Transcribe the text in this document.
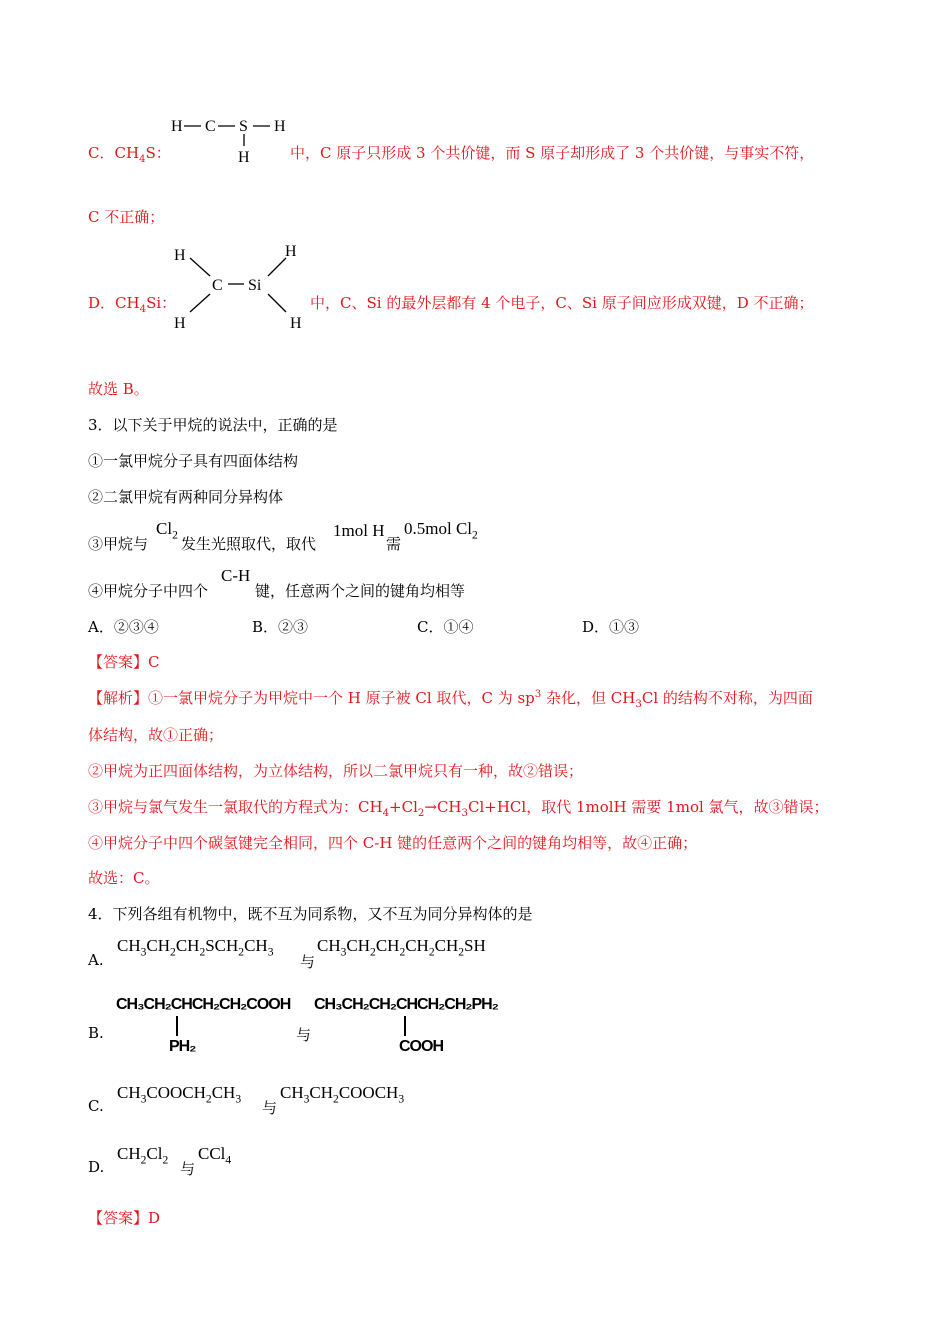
C．$CH_4S$：
H C S H
H	中，C 原子只形成 3 个共价键，而 S 原子却形成了 3 个共价键，与事实不符，
C 不正确；
D．$CH_4Si$：
H
C Si
H
H
H
中，C、Si 的最外层都有 4 个电子，C、Si 原子间应形成双键，D 不正确；
故选 B。
3．以下关于甲烷的说法中，正确的是
①一氯甲烷分子具有四面体结构
②二氯甲烷有两种同分异构体
③甲烷与
$Cl_2$
发生光照取代，取代
1mol H
需
0.5mol $Cl_2$
④甲烷分子中四个
C-H
键，任意两个之间的键角均相等
A．②③④	B．②③	C．①④	D．①③
【答案】C
【解析】①一氯甲烷分子为甲烷中一个 H 原子被 Cl 取代，C 为 $sp^3$ 杂化，但 $CH_3Cl$ 的结构不对称，为四面
体结构，故①正确；
②甲烷为正四面体结构，为立体结构，所以二氯甲烷只有一种，故②错误；
③甲烷与氯气发生一氯取代的方程式为：$CH_4+Cl_2\to CH_3Cl+HCl$，取代 1molH 需要 1mol 氯气，故③错误；
④甲烷分子中四个碳氢键完全相同，四个 C-H 键的任意两个之间的键角均相等，故④正确；
故选：C。
4．下列各组有机物中，既不互为同系物，又不互为同分异构体的是
A.
$CH_3CH_2CH_2SCH_2CH_3$
与
$CH_3CH_2CH_2CH_2CH_2SH$
B.
CH₃CH₂CHCH₂CH₂COOH
PH₂
与
CH₃CH₂CH₂CHCH₂CH₂PH₂
COOH
C.
$CH_3COOCH_2CH_3$
与
$CH_3CH_2COOCH_3$
D.
$CH_2Cl_2$
与
CCl$_4$
【答案】D
